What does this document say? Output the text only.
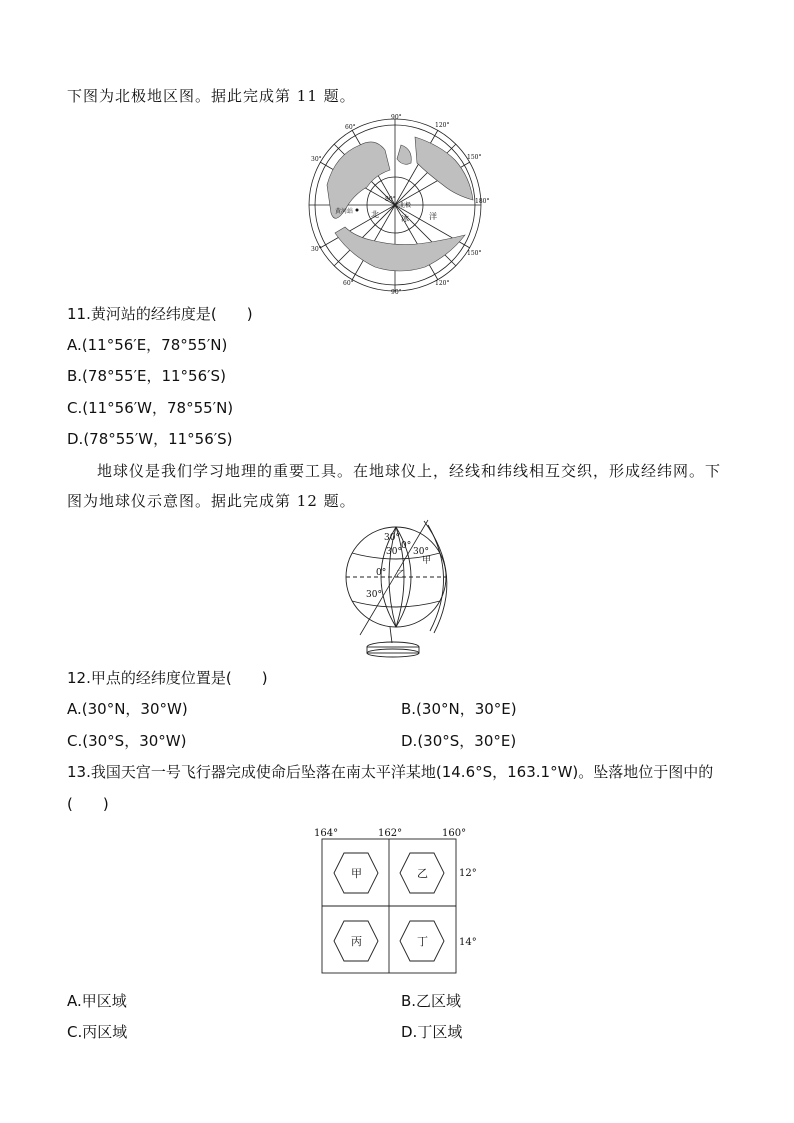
下图为北极地区图。据此完成第 11 题。
90°
60°	120°
150°
30°
180°
30°
150°
60°
90°
120°
80°
黄河站
北极
北	冰	洋
11.黄河站的经纬度是(　　)
A.(11°56′E，78°55′N)
B.(78°55′E，11°56′S)
C.(11°56′W，78°55′N)
D.(78°55′W，11°56′S)
地球仪是我们学习地理的重要工具。在地球仪上，经线和纬线相互交织，形成经纬网。下
图为地球仪示意图。据此完成第 12 题。
30°
30°
0°
30°
0°
30°
甲
乙
12.甲点的经纬度位置是(　　)
A.(30°N，30°W)	B.(30°N，30°E)
C.(30°S，30°W)	D.(30°S，30°E)
13.我国天宫一号飞行器完成使命后坠落在南太平洋某地(14.6°S，163.1°W)。坠落地位于图中的
(　　)
164°	162°	160°
12°
14°
甲	乙
丙	丁
A.甲区域	B.乙区域
C.丙区域	D.丁区域
